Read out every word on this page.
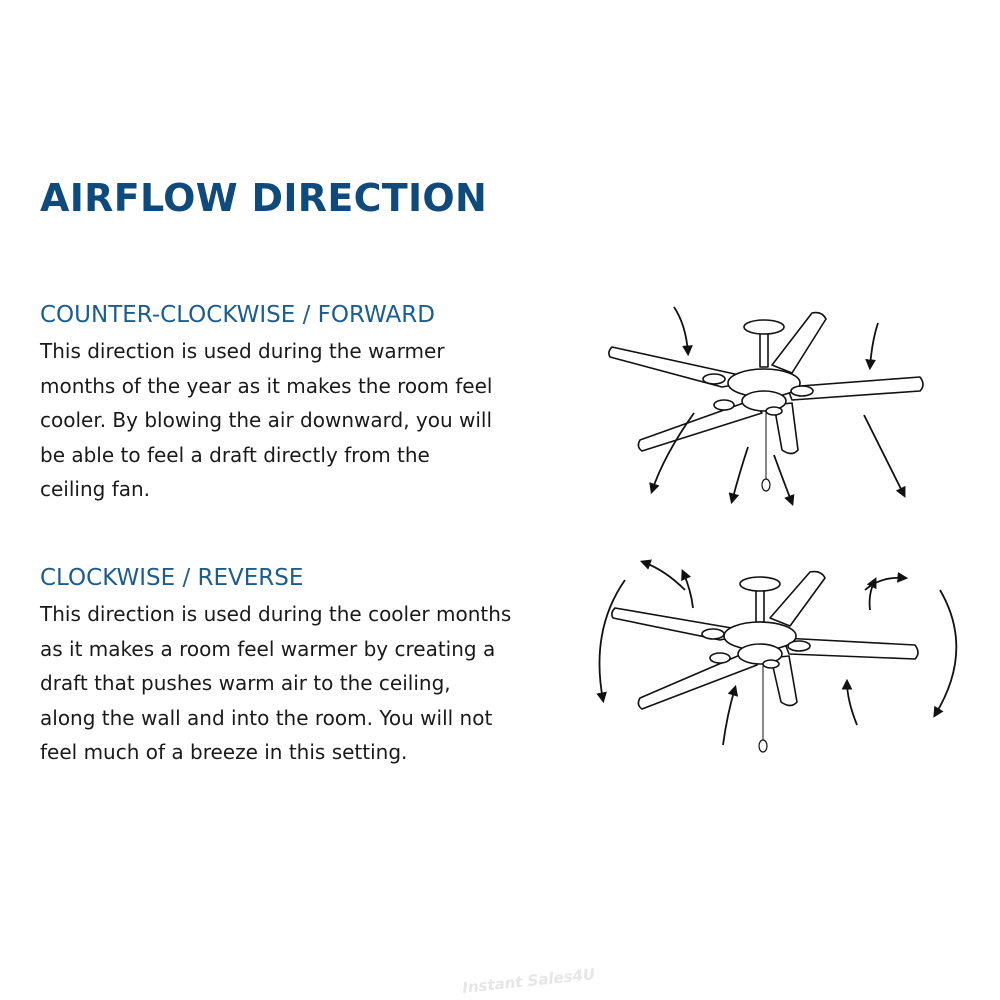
AIRFLOW DIRECTION
COUNTER-CLOCKWISE / FORWARD

This direction is used during the warmer
months of the year as it makes the room feel
cooler. By blowing the air downward, you will
be able to feel a draft directly from the
ceiling fan.

CLOCKWISE / REVERSE

This direction is used during the cooler months
as it makes a room feel warmer by creating a
draft that pushes warm air to the ceiling,
along the wall and into the room. You will not
feel much of a breeze in this setting.

Instant Sales4U
